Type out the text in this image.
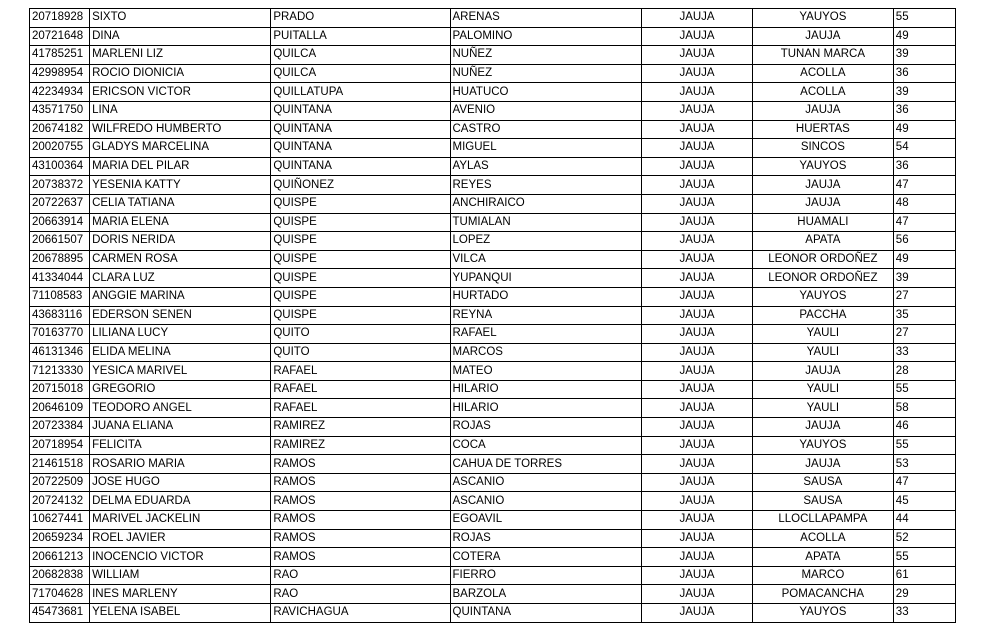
20718928	SIXTO	PRADO	ARENAS	JAUJA	YAUYOS	55
20721648	DINA	PUITALLA	PALOMINO	JAUJA	JAUJA	49
41785251	MARLENI LIZ	QUILCA	NUÑEZ	JAUJA	TUNAN MARCA	39
42998954	ROCIO DIONICIA	QUILCA	NUÑEZ	JAUJA	ACOLLA	36
42234934	ERICSON VICTOR	QUILLATUPA	HUATUCO	JAUJA	ACOLLA	39
43571750	LINA	QUINTANA	AVENIO	JAUJA	JAUJA	36
20674182	WILFREDO HUMBERTO	QUINTANA	CASTRO	JAUJA	HUERTAS	49
20020755	GLADYS MARCELINA	QUINTANA	MIGUEL	JAUJA	SINCOS	54
43100364	MARIA DEL PILAR	QUINTANA	AYLAS	JAUJA	YAUYOS	36
20738372	YESENIA KATTY	QUIÑONEZ	REYES	JAUJA	JAUJA	47
20722637	CELIA TATIANA	QUISPE	ANCHIRAICO	JAUJA	JAUJA	48
20663914	MARIA ELENA	QUISPE	TUMIALAN	JAUJA	HUAMALI	47
20661507	DORIS NERIDA	QUISPE	LOPEZ	JAUJA	APATA	56
20678895	CARMEN ROSA	QUISPE	VILCA	JAUJA	LEONOR ORDOÑEZ	49
41334044	CLARA LUZ	QUISPE	YUPANQUI	JAUJA	LEONOR ORDOÑEZ	39
71108583	ANGGIE MARINA	QUISPE	HURTADO	JAUJA	YAUYOS	27
43683116	EDERSON SENEN	QUISPE	REYNA	JAUJA	PACCHA	35
70163770	LILIANA LUCY	QUITO	RAFAEL	JAUJA	YAULI	27
46131346	ELIDA MELINA	QUITO	MARCOS	JAUJA	YAULI	33
71213330	YESICA MARIVEL	RAFAEL	MATEO	JAUJA	JAUJA	28
20715018	GREGORIO	RAFAEL	HILARIO	JAUJA	YAULI	55
20646109	TEODORO ANGEL	RAFAEL	HILARIO	JAUJA	YAULI	58
20723384	JUANA ELIANA	RAMIREZ	ROJAS	JAUJA	JAUJA	46
20718954	FELICITA	RAMIREZ	COCA	JAUJA	YAUYOS	55
21461518	ROSARIO MARIA	RAMOS	CAHUA DE TORRES	JAUJA	JAUJA	53
20722509	JOSE HUGO	RAMOS	ASCANIO	JAUJA	SAUSA	47
20724132	DELMA EDUARDA	RAMOS	ASCANIO	JAUJA	SAUSA	45
10627441	MARIVEL JACKELIN	RAMOS	EGOAVIL	JAUJA	LLOCLLAPAMPA	44
20659234	ROEL JAVIER	RAMOS	ROJAS	JAUJA	ACOLLA	52
20661213	INOCENCIO VICTOR	RAMOS	COTERA	JAUJA	APATA	55
20682838	WILLIAM	RAO	FIERRO	JAUJA	MARCO	61
71704628	INES MARLENY	RAO	BARZOLA	JAUJA	POMACANCHA	29
45473681	YELENA ISABEL	RAVICHAGUA	QUINTANA	JAUJA	YAUYOS	33
